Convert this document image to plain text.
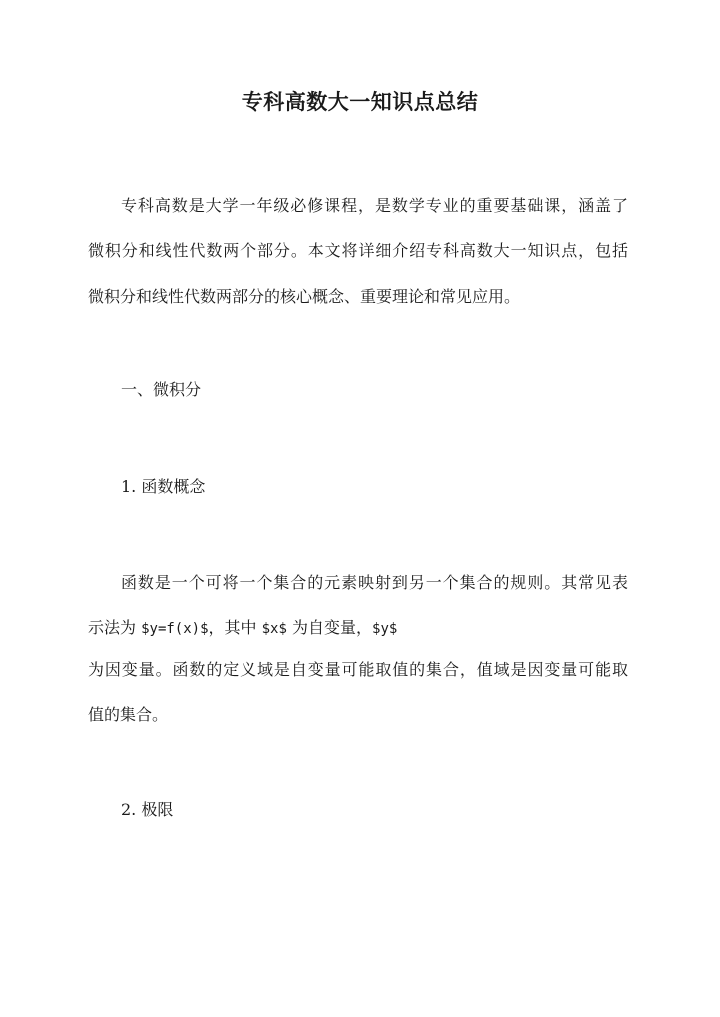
专科高数大一知识点总结
专科高数是大学一年级必修课程，是数学专业的重要基础课，涵盖了
微积分和线性代数两个部分。本文将详细介绍专科高数大一知识点，包括
微积分和线性代数两部分的核心概念、重要理论和常见应用。
一、微积分
1. 函数概念
函数是一个可将一个集合的元素映射到另一个集合的规则。其常见表
示法为 $y=f(x)$，其中 $x$ 为自变量，$y$
为因变量。函数的定义域是自变量可能取值的集合，值域是因变量可能取
值的集合。
2. 极限
